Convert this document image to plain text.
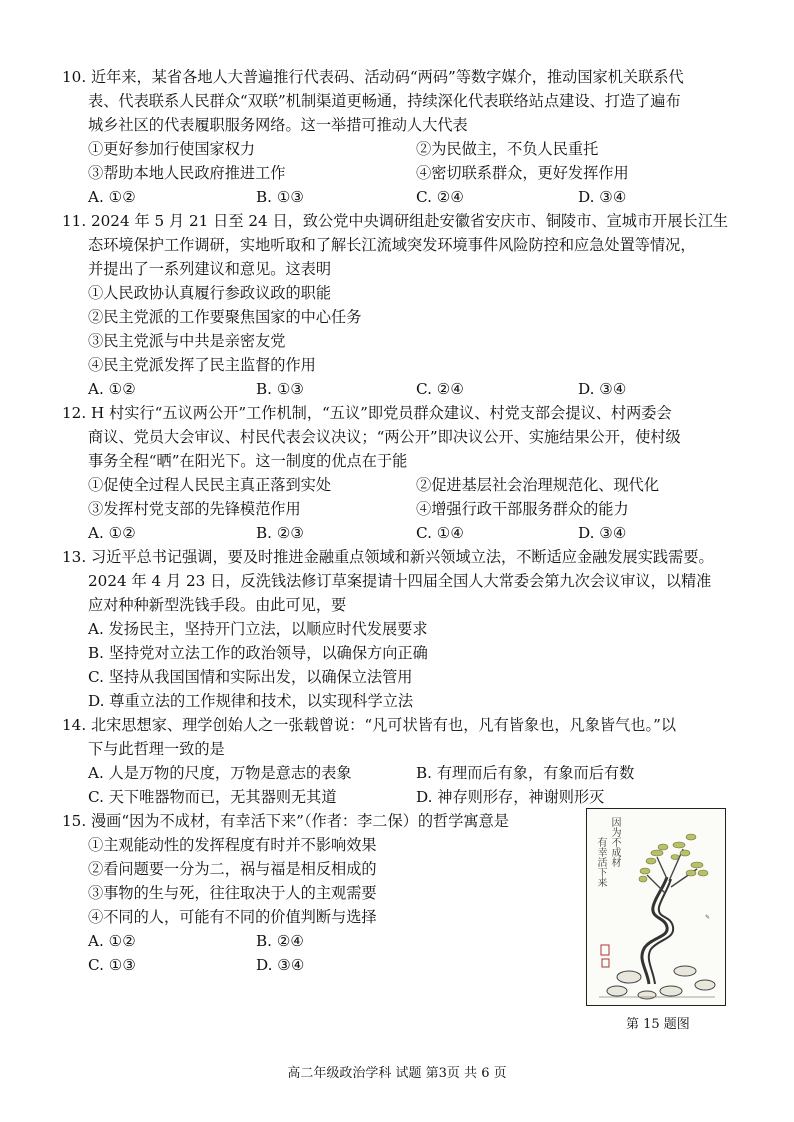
10. 近年来，某省各地人大普遍推行代表码、活动码“两码”等数字媒介，推动国家机关联系代
表、代表联系人民群众“双联”机制渠道更畅通，持续深化代表联络站点建设、打造了遍布
城乡社区的代表履职服务网络。这一举措可推动人大代表
①更好参加行使国家权力	②为民做主，不负人民重托
③帮助本地人民政府推进工作	④密切联系群众，更好发挥作用
A. ①②	B. ①③	C. ②④	D. ③④
11. 2024 年 5 月 21 日至 24 日，致公党中央调研组赴安徽省安庆市、铜陵市、宣城市开展长江生
态环境保护工作调研，实地听取和了解长江流域突发环境事件风险防控和应急处置等情况，
并提出了一系列建议和意见。这表明
①人民政协认真履行参政议政的职能
②民主党派的工作要聚焦国家的中心任务
③民主党派与中共是亲密友党
④民主党派发挥了民主监督的作用
A. ①②	B. ①③	C. ②④	D. ③④
12. H 村实行“五议两公开”工作机制，“五议”即党员群众建议、村党支部会提议、村两委会
商议、党员大会审议、村民代表会议决议；“两公开”即决议公开、实施结果公开，使村级
事务全程“晒”在阳光下。这一制度的优点在于能
①促使全过程人民民主真正落到实处	②促进基层社会治理规范化、现代化
③发挥村党支部的先锋模范作用	④增强行政干部服务群众的能力
A. ①②	B. ②③	C. ①④	D. ③④
13. 习近平总书记强调，要及时推进金融重点领域和新兴领域立法，不断适应金融发展实践需要。
2024 年 4 月 23 日，反洗钱法修订草案提请十四届全国人大常委会第九次会议审议，以精准
应对种种新型洗钱手段。由此可见，要
A. 发扬民主，坚持开门立法，以顺应时代发展要求
B. 坚持党对立法工作的政治领导，以确保方向正确
C. 坚持从我国国情和实际出发，以确保立法管用
D. 尊重立法的工作规律和技术，以实现科学立法
14. 北宋思想家、理学创始人之一张载曾说：“凡可状皆有也，凡有皆象也，凡象皆气也。”以
下与此哲理一致的是
A. 人是万物的尺度，万物是意志的表象	B. 有理而后有象，有象而后有数
C. 天下唯器物而已，无其器则无其道	D. 神存则形存，神谢则形灭
15. 漫画“因为不成材，有幸活下来”（作者：李二保）的哲学寓意是
①主观能动性的发挥程度有时并不影响效果
②看问题要一分为二，祸与福是相反相成的
③事物的生与死，往往取决于人的主观需要
④不同的人，可能有不同的价值判断与选择
A. ①②	B. ②④
C. ①③	D. ③④
因为不成材
有幸活下来
✎
第 15 题图
高二年级政治学科 试题 第3页 共 6 页
